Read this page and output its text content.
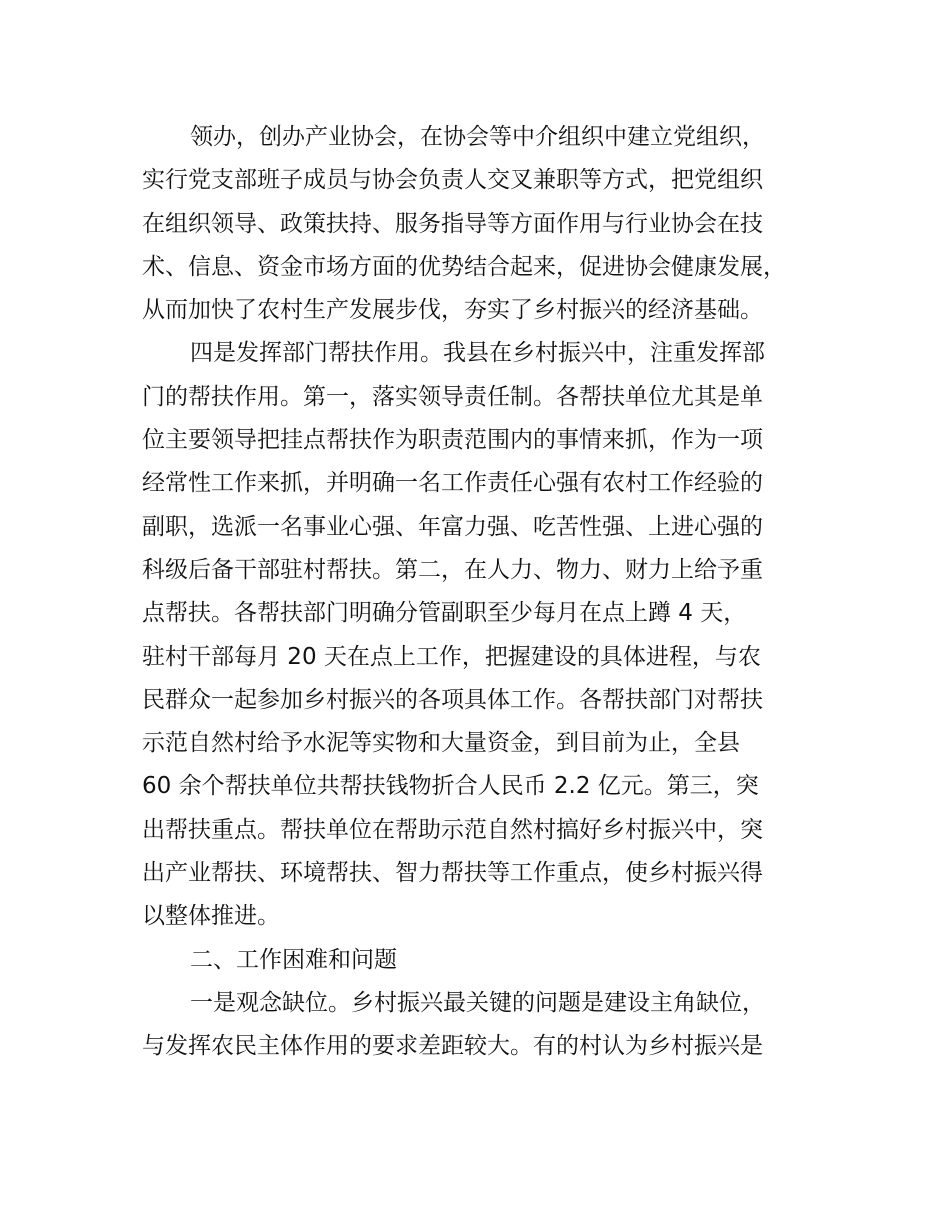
领办，创办产业协会，在协会等中介组织中建立党组织，
实行党支部班子成员与协会负责人交叉兼职等方式，把党组织
在组织领导、政策扶持、服务指导等方面作用与行业协会在技
术、信息、资金市场方面的优势结合起来，促进协会健康发展，
从而加快了农村生产发展步伐，夯实了乡村振兴的经济基础。
四是发挥部门帮扶作用。我县在乡村振兴中，注重发挥部
门的帮扶作用。第一，落实领导责任制。各帮扶单位尤其是单
位主要领导把挂点帮扶作为职责范围内的事情来抓，作为一项
经常性工作来抓，并明确一名工作责任心强有农村工作经验的
副职，选派一名事业心强、年富力强、吃苦性强、上进心强的
科级后备干部驻村帮扶。第二，在人力、物力、财力上给予重
点帮扶。各帮扶部门明确分管副职至少每月在点上蹲 4 天，
驻村干部每月 20 天在点上工作，把握建设的具体进程，与农
民群众一起参加乡村振兴的各项具体工作。各帮扶部门对帮扶
示范自然村给予水泥等实物和大量资金，到目前为止，全县
60 余个帮扶单位共帮扶钱物折合人民币 2.2 亿元。第三，突
出帮扶重点。帮扶单位在帮助示范自然村搞好乡村振兴中，突
出产业帮扶、环境帮扶、智力帮扶等工作重点，使乡村振兴得
以整体推进。
二、工作困难和问题
一是观念缺位。乡村振兴最关键的问题是建设主角缺位，
与发挥农民主体作用的要求差距较大。有的村认为乡村振兴是
